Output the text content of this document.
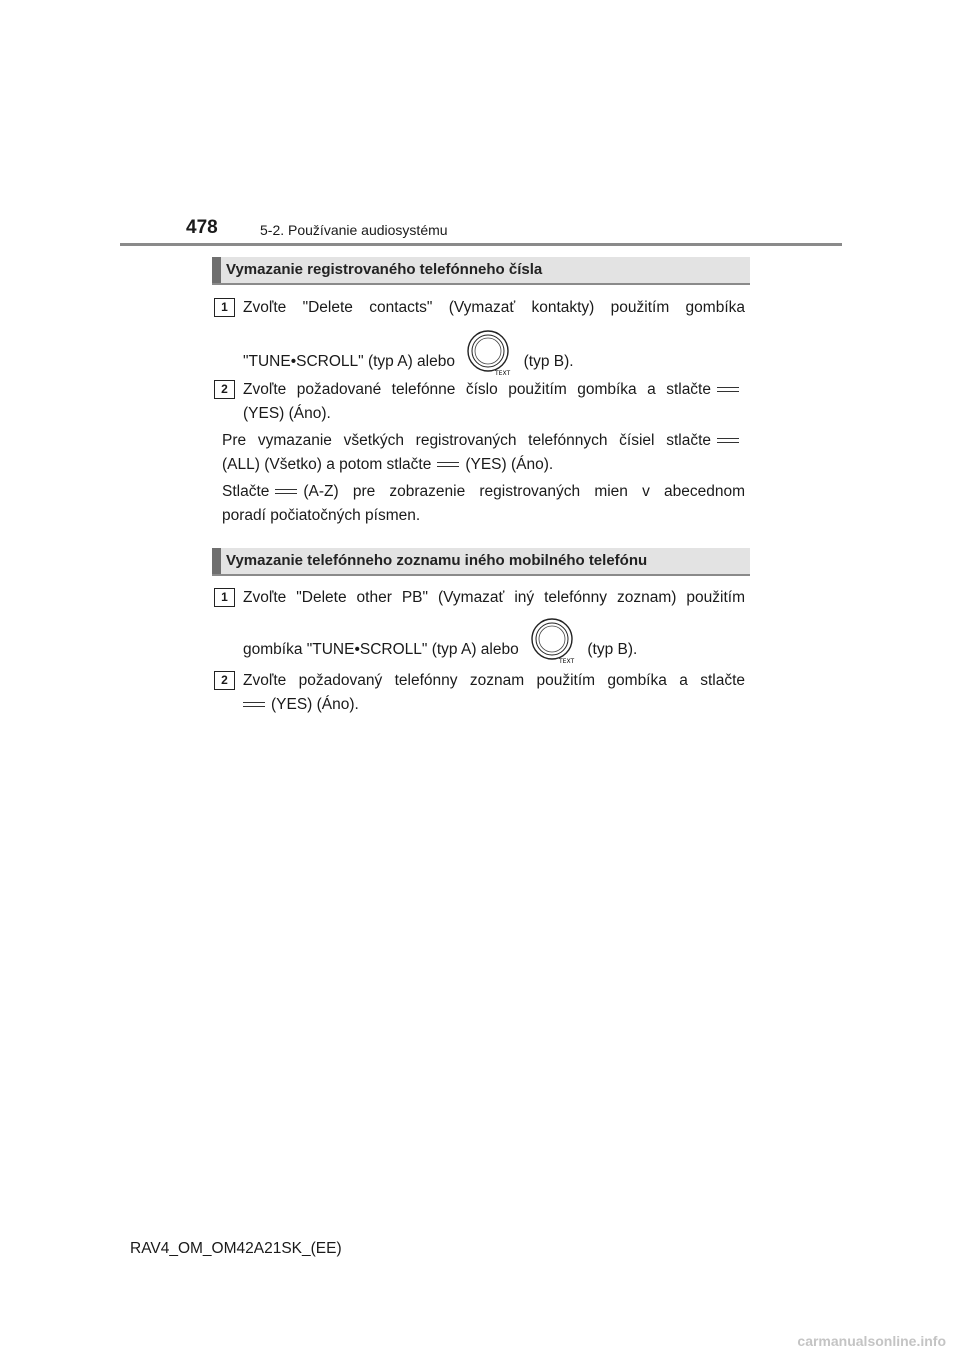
478	5-2. Používanie audiosystému
Vymazanie registrovaného telefónneho čísla
1 Zvoľte "Delete contacts" (Vymazať kontakty) použitím gombíka
"TUNE•SCROLL" (typ A) alebo
TEXT
(typ B).
2 Zvoľte požadované telefónne číslo použitím gombíka a stlačte
(YES) (Áno).
Pre vymazanie všetkých registrovaných telefónnych čísiel stlačte
(ALL) (Všetko) a potom stlačte (YES) (Áno).
Stlačte (A-Z) pre zobrazenie registrovaných mien v abecednom
poradí počiatočných písmen.
Vymazanie telefónneho zoznamu iného mobilného telefónu
1 Zvoľte "Delete other PB" (Vymazať iný telefónny zoznam) použitím
gombíka "TUNE•SCROLL" (typ A) alebo
TEXT
(typ B).
2 Zvoľte požadovaný telefónny zoznam použitím gombíka a stlačte
(YES) (Áno).
RAV4_OM_OM42A21SK_(EE)
carmanualsonline.info
